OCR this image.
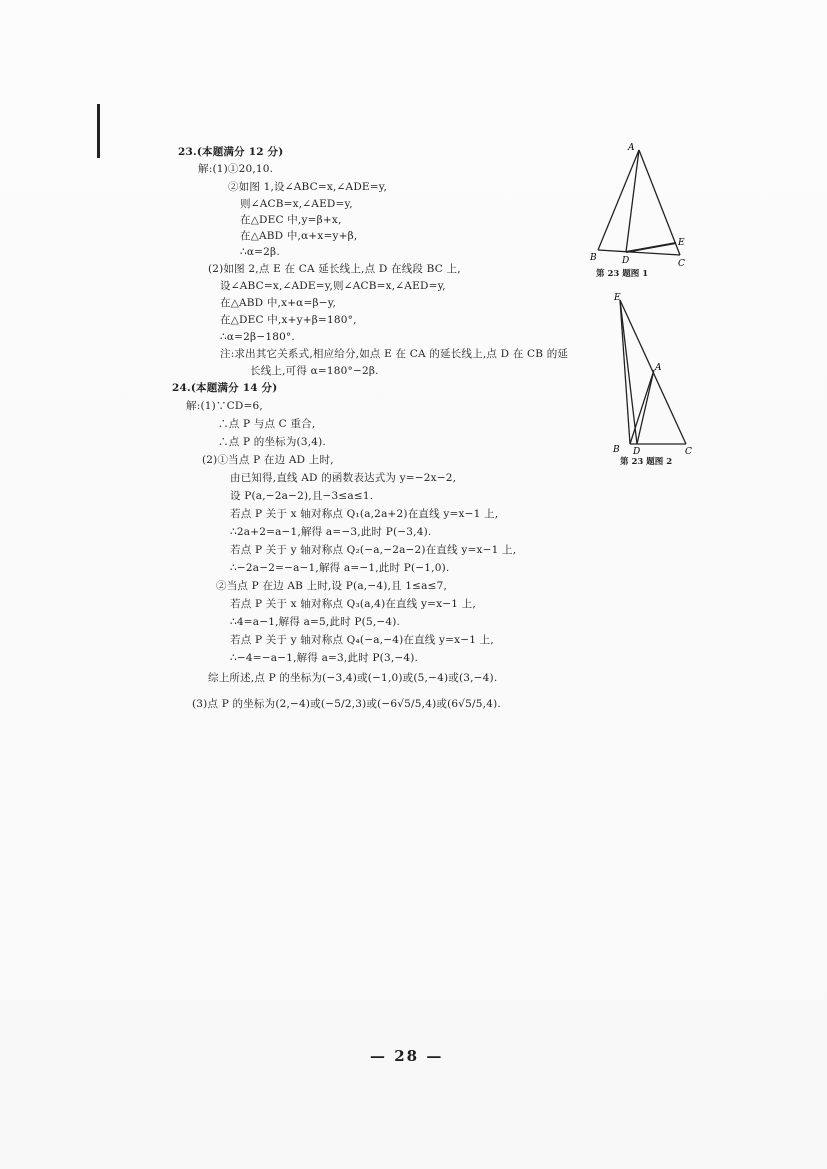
23.(本题满分 12 分)
解:(1)①20,10.
②如图 1,设∠ABC=x,∠ADE=y,
则∠ACB=x,∠AED=y,
在△DEC 中,y=β+x,
在△ABD 中,α+x=y+β,
∴α=2β.
(2)如图 2,点 E 在 CA 延长线上,点 D 在线段 BC 上,
设∠ABC=x,∠ADE=y,则∠ACB=x,∠AED=y,
在△ABD 中,x+α=β−y,
在△DEC 中,x+y+β=180°,
∴α=2β−180°.
注:求出其它关系式,相应给分,如点 E 在 CA 的延长线上,点 D 在 CB 的延
长线上,可得 α=180°−2β.
24.(本题满分 14 分)
解:(1)∵CD=6,
∴点 P 与点 C 重合,
∴点 P 的坐标为(3,4).
(2)①当点 P 在边 AD 上时,
由已知得,直线 AD 的函数表达式为 y=−2x−2,
设 P(a,−2a−2),且−3≤a≤1.
若点 P 关于 x 轴对称点 Q₁(a,2a+2)在直线 y=x−1 上,
∴2a+2=a−1,解得 a=−3,此时 P(−3,4).
若点 P 关于 y 轴对称点 Q₂(−a,−2a−2)在直线 y=x−1 上,
∴−2a−2=−a−1,解得 a=−1,此时 P(−1,0).
②当点 P 在边 AB 上时,设 P(a,−4),且 1≤a≤7,
若点 P 关于 x 轴对称点 Q₃(a,4)在直线 y=x−1 上,
∴4=a−1,解得 a=5,此时 P(5,−4).
若点 P 关于 y 轴对称点 Q₄(−a,−4)在直线 y=x−1 上,
∴−4=−a−1,解得 a=3,此时 P(3,−4).
综上所述,点 P 的坐标为(−3,4)或(−1,0)或(5,−4)或(3,−4).
(3)点 P 的坐标为(2,−4)或(−5/2,3)或(−6√5/5,4)或(6√5/5,4).
A
B	D
E
C
第 23 题图 1
E
A
B D	C
第 23 题图 2
— 28 —
